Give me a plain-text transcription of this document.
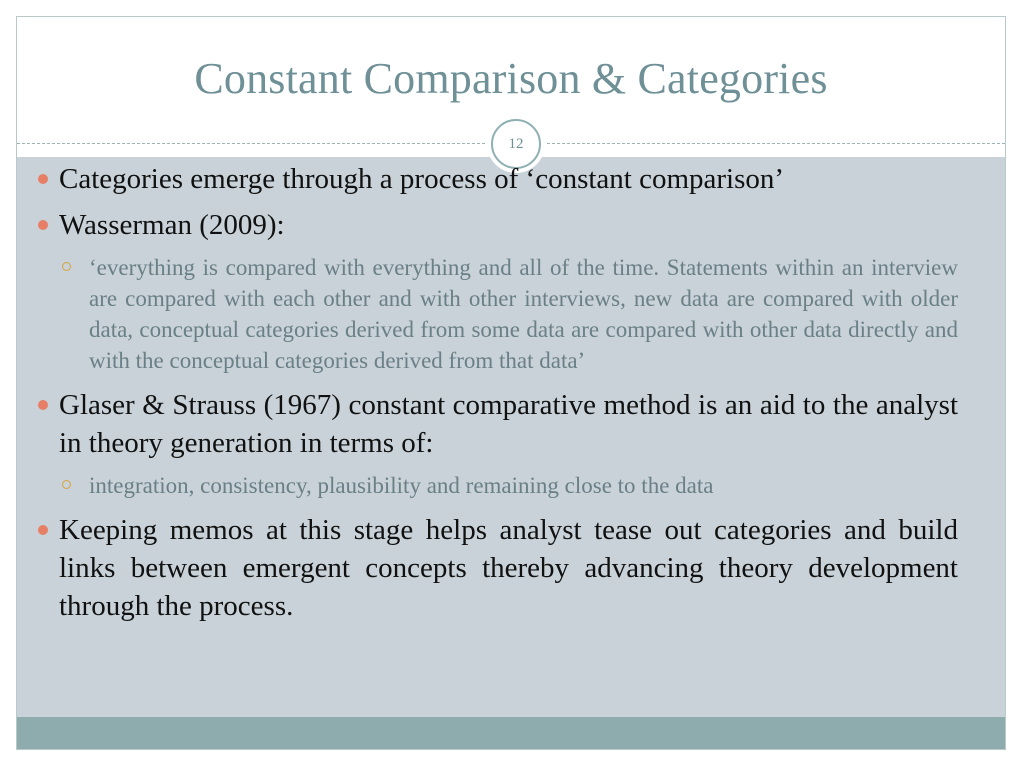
Constant Comparison & Categories
12
Categories emerge through a process of ‘constant comparison’
Wasserman (2009):
‘everything is compared with everything and all of the time. Statements within an interview are compared with each other and with other interviews, new data are compared with older data, conceptual categories derived from some data are compared with other data directly and with the conceptual categories derived from that data’
Glaser & Strauss (1967) constant comparative method is an aid to the analyst in theory generation in terms of:
integration, consistency, plausibility and remaining close to the data
Keeping memos at this stage helps analyst tease out categories and build links between emergent concepts thereby advancing theory development through the process.
